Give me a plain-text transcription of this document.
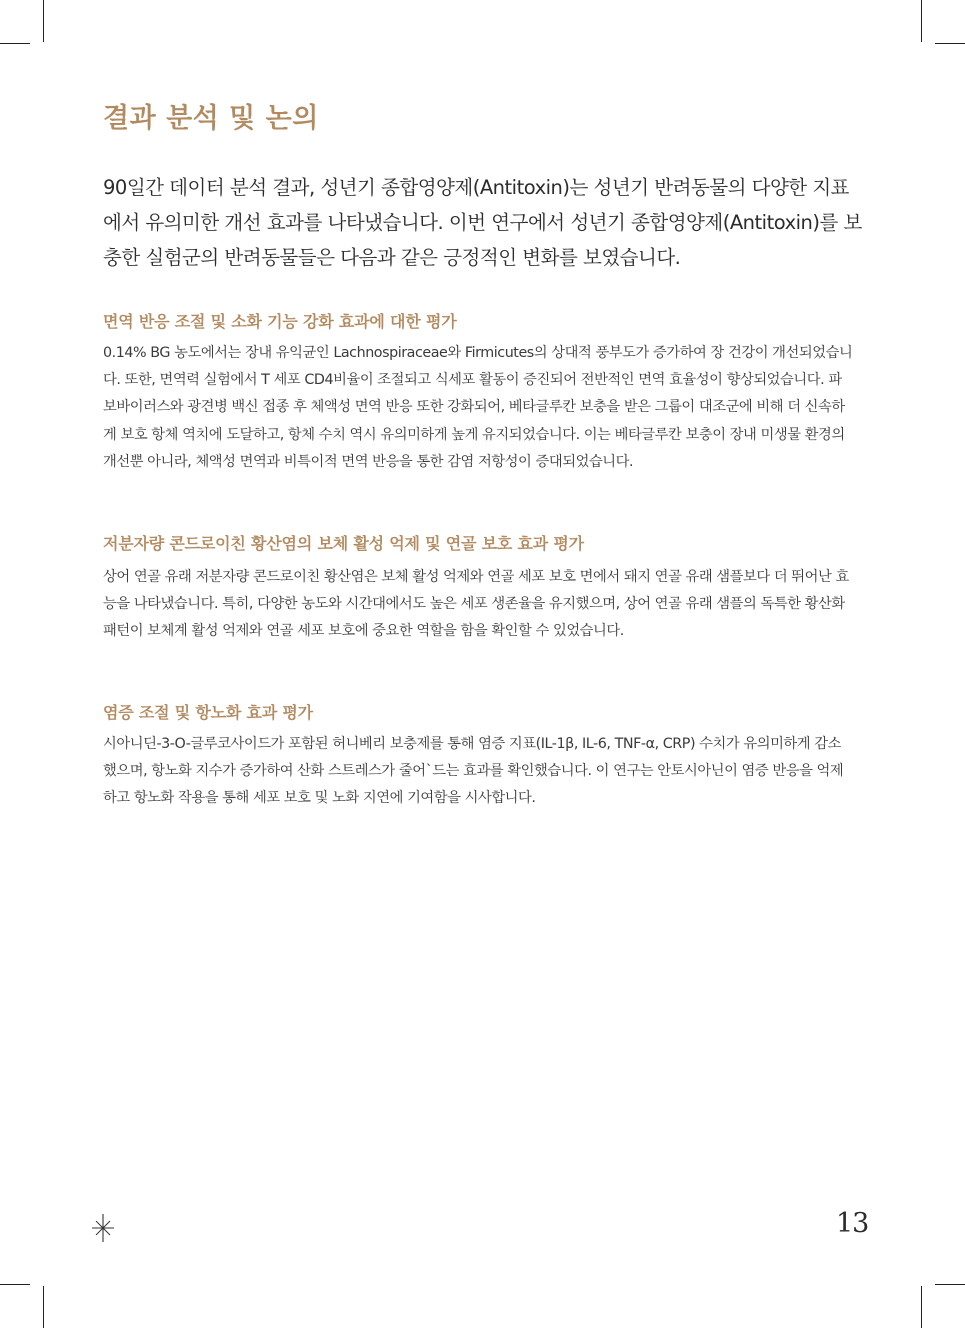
결과 분석 및 논의

90일간 데이터 분석 결과, 성년기 종합영양제(Antitoxin)는 성년기 반려동물의 다양한 지표에서 유의미한 개선 효과를 나타냈습니다. 이번 연구에서 성년기 종합영양제(Antitoxin)를 보충한 실험군의 반려동물들은 다음과 같은 긍정적인 변화를 보였습니다.

면역 반응 조절 및 소화 기능 강화 효과에 대한 평가

0.14% BG 농도에서는 장내 유익균인 Lachnospiraceae와 Firmicutes의 상대적 풍부도가 증가하여 장 건강이 개선되었습니다. 또한, 면역력 실험에서 T 세포 CD4비율이 조절되고 식세포 활동이 증진되어 전반적인 면역 효율성이 향상되었습니다. 파보바이러스와 광견병 백신 접종 후 체액성 면역 반응 또한 강화되어, 베타글루칸 보충을 받은 그룹이 대조군에 비해 더 신속하게 보호 항체 역치에 도달하고, 항체 수치 역시 유의미하게 높게 유지되었습니다. 이는 베타글루칸 보충이 장내 미생물 환경의 개선뿐 아니라, 체액성 면역과 비특이적 면역 반응을 통한 감염 저항성이 증대되었습니다.

저분자량 콘드로이친 황산염의 보체 활성 억제 및 연골 보호 효과 평가

상어 연골 유래 저분자량 콘드로이친 황산염은 보체 활성 억제와 연골 세포 보호 면에서 돼지 연골 유래 샘플보다 더 뛰어난 효능을 나타냈습니다. 특히, 다양한 농도와 시간대에서도 높은 세포 생존율을 유지했으며, 상어 연골 유래 샘플의 독특한 황산화 패턴이 보체계 활성 억제와 연골 세포 보호에 중요한 역할을 함을 확인할 수 있었습니다.

염증 조절 및 항노화 효과 평가

시아니딘-3-O-글루코사이드가 포함된 허니베리 보충제를 통해 염증 지표(IL-1β, IL-6, TNF-α, CRP) 수치가 유의미하게 감소했으며, 항노화 지수가 증가하여 산화 스트레스가 줄어`드는 효과를 확인했습니다. 이 연구는 안토시아닌이 염증 반응을 억제하고 항노화 작용을 통해 세포 보호 및 노화 지연에 기여함을 시사합니다.

13
